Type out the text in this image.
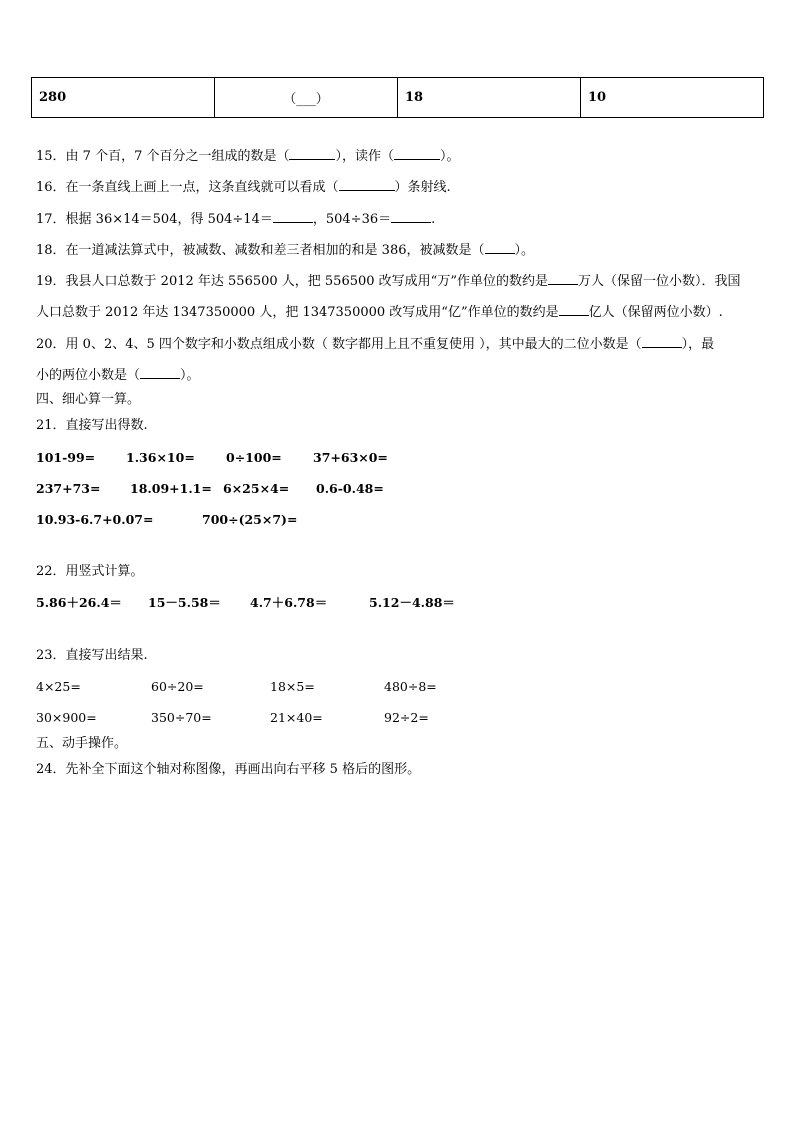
280	（___）	18	10
15．由 7 个百，7 个百分之一组成的数是（	），读作（	）。
16．在一条直线上画上一点，这条直线就可以看成（	）条射线.
17．根据 36×14＝504，得 504÷14＝	，504÷36＝	.
18．在一道减法算式中，被减数、减数和差三者相加的和是 386，被减数是（ ）。
19．我县人口总数于 2012 年达 556500 人，把 556500 改写成用“万”作单位的数约是 万人（保留一位小数）．我国
人口总数于 2012 年达 1347350000 人，把 1347350000 改写成用“亿”作单位的数约是 亿人（保留两位小数）.
20．用 0、2、4、5 四个数字和小数点组成小数（ 数字都用上且不重复使用 ），其中最大的二位小数是（	），最
小的两位小数是（	）。
四、细心算一算。
21．直接写出得数.
101-99= 1.36×10= 0÷100=	37+63×0=
237+73= 18.09+1.1= 6×25×4= 0.6-0.48=
10.93-6.7+0.07=	700÷(25×7)=
22．用竖式计算。
5.86＋26.4＝ 15－5.58＝ 4.7＋6.78＝	5.12－4.88＝
23．直接写出结果.
4×25=	60÷20=	18×5=	480÷8=
30×900=	350÷70=	21×40=	92÷2=
五、动手操作。
24．先补全下面这个轴对称图像，再画出向右平移 5 格后的图形。
